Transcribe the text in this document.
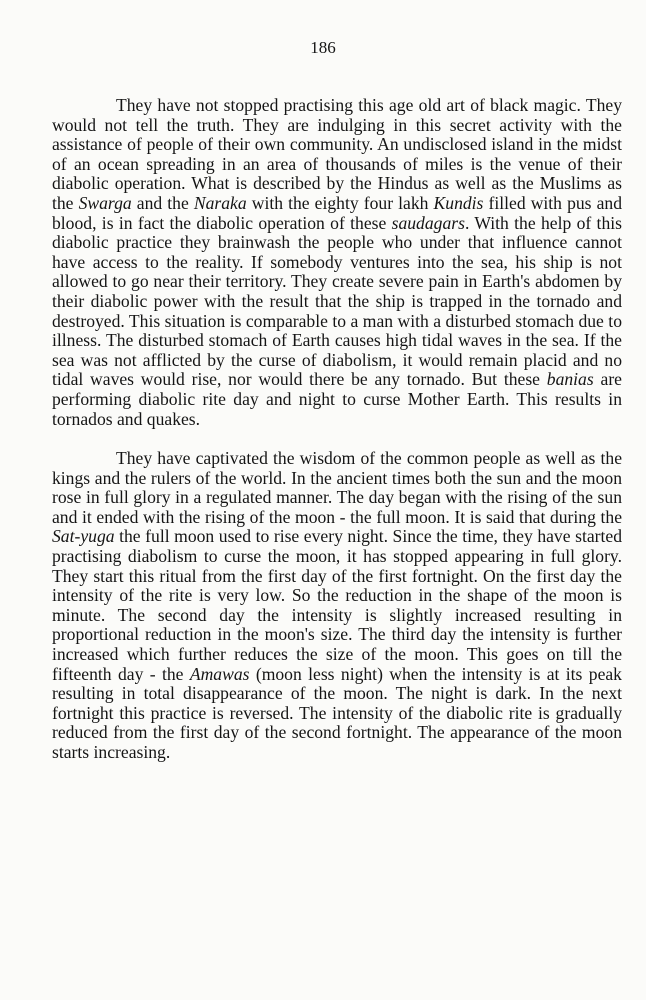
186

They have not stopped practising this age old art of black magic. They would not tell the truth. They are indulging in this secret activity with the assistance of people of their own community. An undisclosed island in the midst of an ocean spreading in an area of thousands of miles is the venue of their diabolic operation. What is described by the Hindus as well as the Muslims as the Swarga and the Naraka with the eighty four lakh Kundis filled with pus and blood, is in fact the diabolic operation of these saudagars. With the help of this diabolic practice they brainwash the people who under that influence cannot have access to the reality. If somebody ventures into the sea, his ship is not allowed to go near their territory. They create severe pain in Earth's abdomen by their diabolic power with the result that the ship is trapped in the tornado and destroyed. This situation is comparable to a man with a disturbed stomach due to illness. The disturbed stomach of Earth causes high tidal waves in the sea. If the sea was not afflicted by the curse of diabolism, it would remain placid and no tidal waves would rise, nor would there be any tornado. But these banias are performing diabolic rite day and night to curse Mother Earth. This results in tornados and quakes.

They have captivated the wisdom of the common people as well as the kings and the rulers of the world. In the ancient times both the sun and the moon rose in full glory in a regulated manner. The day began with the rising of the sun and it ended with the rising of the moon - the full moon. It is said that during the Sat-yuga the full moon used to rise every night. Since the time, they have started practising diabolism to curse the moon, it has stopped appearing in full glory. They start this ritual from the first day of the first fortnight. On the first day the intensity of the rite is very low. So the reduction in the shape of the moon is minute. The second day the intensity is slightly increased resulting in proportional reduction in the moon's size. The third day the intensity is further increased which further reduces the size of the moon. This goes on till the fifteenth day - the Amawas (moon less night) when the intensity is at its peak resulting in total disappearance of the moon. The night is dark. In the next fortnight this practice is reversed. The intensity of the diabolic rite is gradually reduced from the first day of the second fortnight. The appearance of the moon starts increasing.
